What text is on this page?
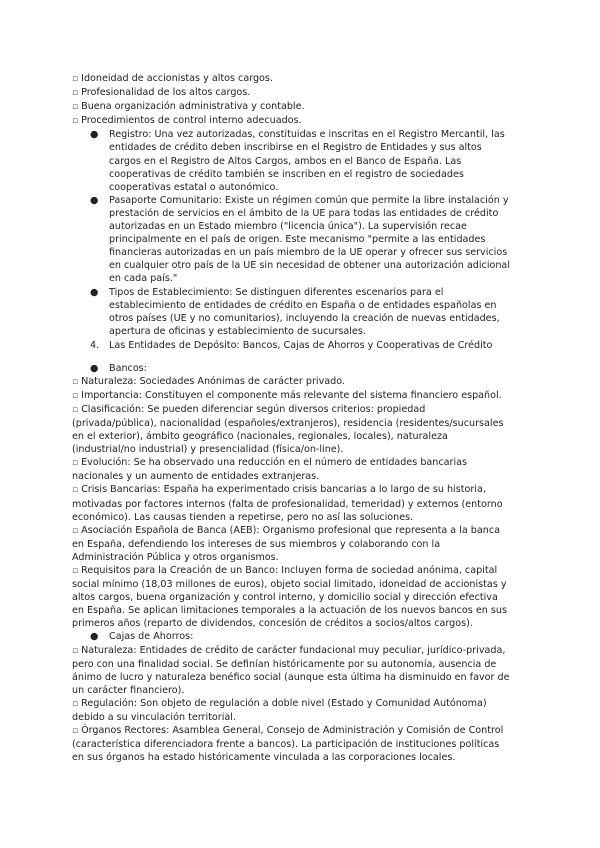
▫ Idoneidad de accionistas y altos cargos.

▫ Profesionalidad de los altos cargos.

▫ Buena organización administrativa y contable.

▫ Procedimientos de control interno adecuados.

● Registro: Una vez autorizadas, constituidas e inscritas en el Registro Mercantil, las entidades de crédito deben inscribirse en el Registro de Entidades y sus altos cargos en el Registro de Altos Cargos, ambos en el Banco de España. Las cooperativas de crédito también se inscriben en el registro de sociedades cooperativas estatal o autonómico.

● Pasaporte Comunitario: Existe un régimen común que permite la libre instalación y prestación de servicios en el ámbito de la UE para todas las entidades de crédito autorizadas en un Estado miembro ("licencia única"). La supervisión recae principalmente en el país de origen. Este mecanismo "permite a las entidades financieras autorizadas en un país miembro de la UE operar y ofrecer sus servicios en cualquier otro país de la UE sin necesidad de obtener una autorización adicional en cada país."

● Tipos de Establecimiento: Se distinguen diferentes escenarios para el establecimiento de entidades de crédito en España o de entidades españolas en otros países (UE y no comunitarios), incluyendo la creación de nuevas entidades, apertura de oficinas y establecimiento de sucursales.

4. Las Entidades de Depósito: Bancos, Cajas de Ahorros y Cooperativas de Crédito

● Bancos:

▫ Naturaleza: Sociedades Anónimas de carácter privado.

▫ Importancia: Constituyen el componente más relevante del sistema financiero español.

▫ Clasificación: Se pueden diferenciar según diversos criterios: propiedad (privada/pública), nacionalidad (españoles/extranjeros), residencia (residentes/sucursales en el exterior), ámbito geográfico (nacionales, regionales, locales), naturaleza (industrial/no industrial) y presencialidad (física/on-line).

▫ Evolución: Se ha observado una reducción en el número de entidades bancarias nacionales y un aumento de entidades extranjeras.

▫ Crisis Bancarias: España ha experimentado crisis bancarias a lo largo de su historia, motivadas por factores internos (falta de profesionalidad, temeridad) y externos (entorno económico). Las causas tienden a repetirse, pero no así las soluciones.

▫ Asociación Española de Banca (AEB): Organismo profesional que representa a la banca en España, defendiendo los intereses de sus miembros y colaborando con la Administración Pública y otros organismos.

▫ Requisitos para la Creación de un Banco: Incluyen forma de sociedad anónima, capital social mínimo (18,03 millones de euros), objeto social limitado, idoneidad de accionistas y altos cargos, buena organización y control interno, y domicilio social y dirección efectiva en España. Se aplican limitaciones temporales a la actuación de los nuevos bancos en sus primeros años (reparto de dividendos, concesión de créditos a socios/altos cargos).

● Cajas de Ahorros:

▫ Naturaleza: Entidades de crédito de carácter fundacional muy peculiar, jurídico-privada, pero con una finalidad social. Se definían históricamente por su autonomía, ausencia de ánimo de lucro y naturaleza benéfico social (aunque esta última ha disminuido en favor de un carácter financiero).

▫ Regulación: Son objeto de regulación a doble nivel (Estado y Comunidad Autónoma) debido a su vinculación territorial.

▫ Órganos Rectores: Asamblea General, Consejo de Administración y Comisión de Control (característica diferenciadora frente a bancos). La participación de instituciones políticas en sus órganos ha estado históricamente vinculada a las corporaciones locales.
